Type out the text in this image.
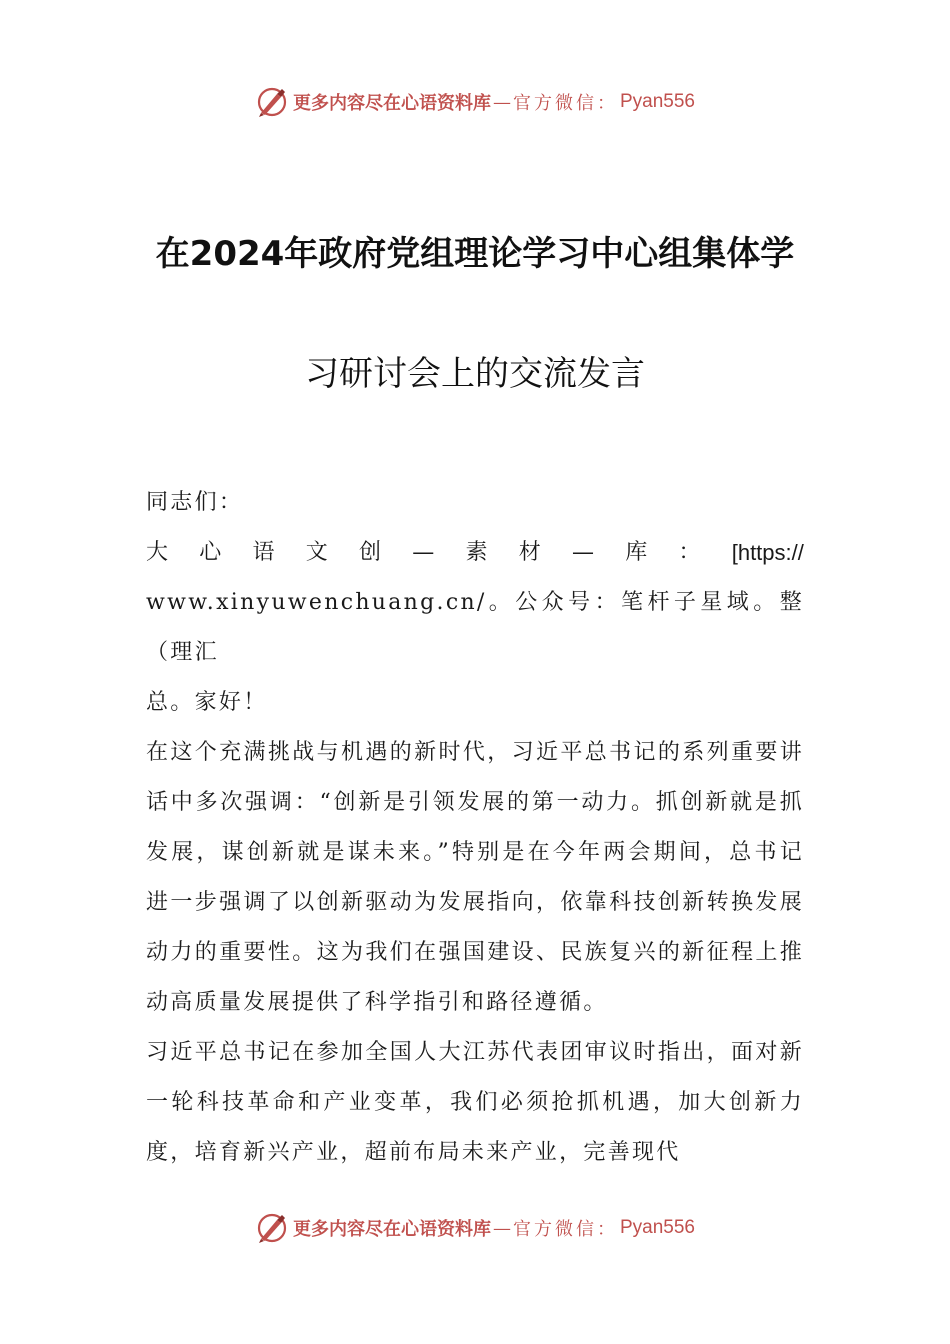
更多内容尽在心语资料库 — 官方微信： Pyan556
在2024年政府党组理论学习中心组集体学
习研讨会上的交流发言

同志们：

大 心 语 文 创 — 素 材 — 库 ： [https://

www.xinyuwenchuang.cn/。公众号：笔杆子星域。整（理汇

总。家好！

在这个充满挑战与机遇的新时代，习近平总书记的系列重要讲话中多次强调：“创新是引领发展的第一动力。抓创新就是抓发展，谋创新就是谋未来。”特别是在今年两会期间，总书记进一步强调了以创新驱动为发展指向，依靠科技创新转换发展动力的重要性。这为我们在强国建设、民族复兴的新征程上推动高质量发展提供了科学指引和路径遵循。

习近平总书记在参加全国人大江苏代表团审议时指出，面对新一轮科技革命和产业变革，我们必须抢抓机遇，加大创新力度，培育新兴产业，超前布局未来产业，完善现代

更多内容尽在心语资料库 — 官方微信： Pyan556
